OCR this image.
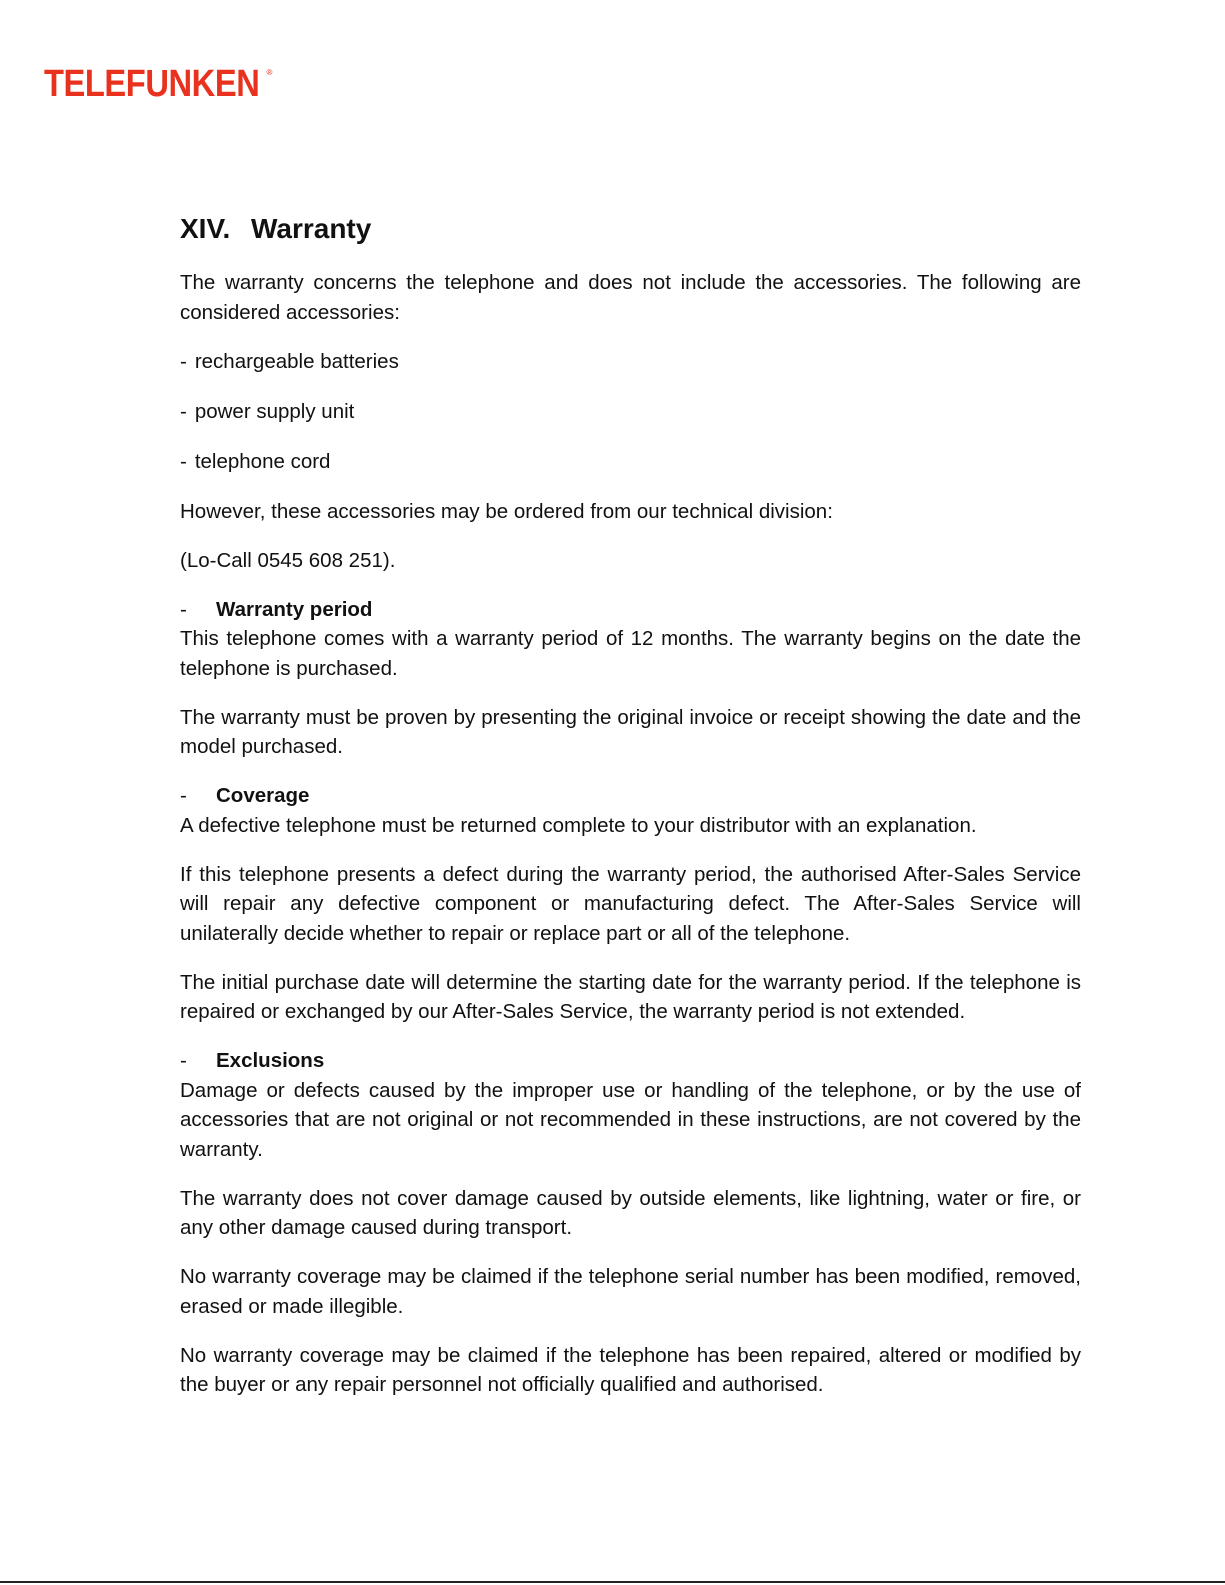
TELEFUNKEN ®
XIV. Warranty

The warranty concerns the telephone and does not include the accessories. The following are considered accessories:

- rechargeable batteries
- power supply unit
- telephone cord

However, these accessories may be ordered from our technical division:

(Lo-Call 0545 608 251).

-	Warranty period

This telephone comes with a warranty period of 12 months. The warranty begins on the date the telephone is purchased.

The warranty must be proven by presenting the original invoice or receipt showing the date and the model purchased.

-	Coverage

A defective telephone must be returned complete to your distributor with an explanation.

If this telephone presents a defect during the warranty period, the authorised After-Sales Service will repair any defective component or manufacturing defect. The After-Sales Service will unilaterally decide whether to repair or replace part or all of the telephone.

The initial purchase date will determine the starting date for the warranty period. If the telephone is repaired or exchanged by our After-Sales Service, the warranty period is not extended.

-	Exclusions

Damage or defects caused by the improper use or handling of the telephone, or by the use of accessories that are not original or not recommended in these instructions, are not covered by the warranty.

The warranty does not cover damage caused by outside elements, like lightning, water or fire, or any other damage caused during transport.

No warranty coverage may be claimed if the telephone serial number has been modified, removed, erased or made illegible.

No warranty coverage may be claimed if the telephone has been repaired, altered or modified by the buyer or any repair personnel not officially qualified and authorised.
